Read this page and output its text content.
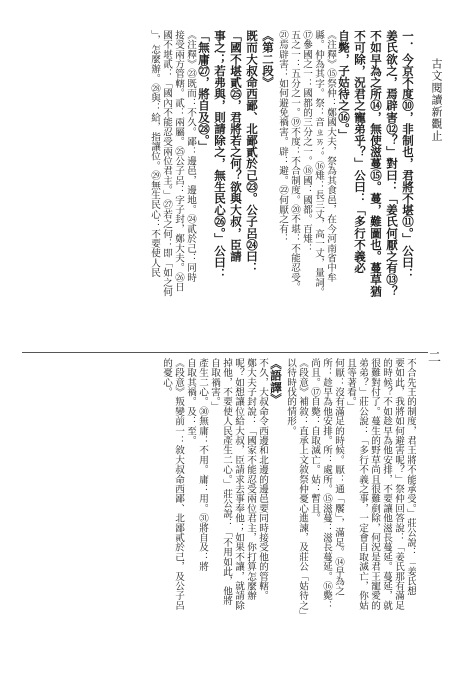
古文閱讀新觀止
一．今京不度⑩，非制也，君將不堪⑪。」公曰：
姜氏欲之，焉辟害⑫？」對曰：「姜氏何厭之有⑬？
不如早為之所⑭，無使滋蔓⑮。蔓，難圖也。蔓草猶
不可除，況君之寵弟乎？」公曰：「多行不義必
自斃，子姑待之⑯。」
《注釋》⑮祭仲：鄭國大夫，祭為其食邑，在今河南省中牟
縣。仲為其字。祭：音ㄓㄞˋ。⑯雉：長三丈，高一丈，量詞。
⑰參國之一：國都的三分之一。⑱國：國都。百雉：
五之一：五分之一。⑲不度：不合制度。⑳不堪：不能忍受。
㉑焉辟害：如何避免禍害。辟：避。㉒何厭之有：
《第二段》
既而大叔命西鄙、北鄙貳於己㉓。公子呂㉔曰：
「國不堪貳㉕，君將若之何？欲與大叔，臣請
事之；若弗與，則請除之，無生民心㉖。」公曰：
「無庸㉗，將自及㉘。」
《注釋》㉓既而：不久。鄙：邊邑，邊地。㉔貳於己：同時
接受兩方管轄。貳：兩屬。㉕公子呂：字子封，鄭大夫。㉖日
國不堪貳：「國內不能忍受兩位君主。」㉗若之何：即「如之何
」，怎麼辦。㉘與：給，指讓位。㉙無生民心：不要使人民
二
不合先王的制度，君王將不能承受。」莊公說：「姜氏想
要如此，我將如何避害呢？」祭仲回答說：「姜氏那有滿足
的時候？不如趁早為他安排，不要讓他滋長蔓延。蔓延，就
很難對付了。蔓生的野草尚且很難剷除，何況是君王寵愛的
弟弟？」莊公說：「多行不義之事，一定會自取滅亡，你姑
且等著看。」
何厭：沒有滿足的時候。厭：通「饜」，滿足。⑭早為之
所：趁早為他安排。所：處所。⑮滋蔓：滋長蔓延。⑯斃：
尚且。⑰自斃：自取滅亡。姑：暫且。
《段意》補敘：直承上文敘祭仲憂心進諫，及莊公「姑待之」
以待時伐的情形。
《語譯》
不久，大叔命令西邊和北邊的邊邑要同時接受他的管轄。
鄭大夫子封說：「國家不能忍受兩位君主，你打算怎麼辦
呢？如想讓位給大叔，臣請求去事奉他；如果不讓，就請除
掉他，不要使人民產生二心。」莊公說：「不用如此，他將
自取禍害。」
產生二心。㉚無庸：不用。庸：用。㉛將自及：將
自取其禍。及：至。
《段意》叛變前一：敘大叔命西鄙、北鄙貳於己，及公子呂
的憂心。
